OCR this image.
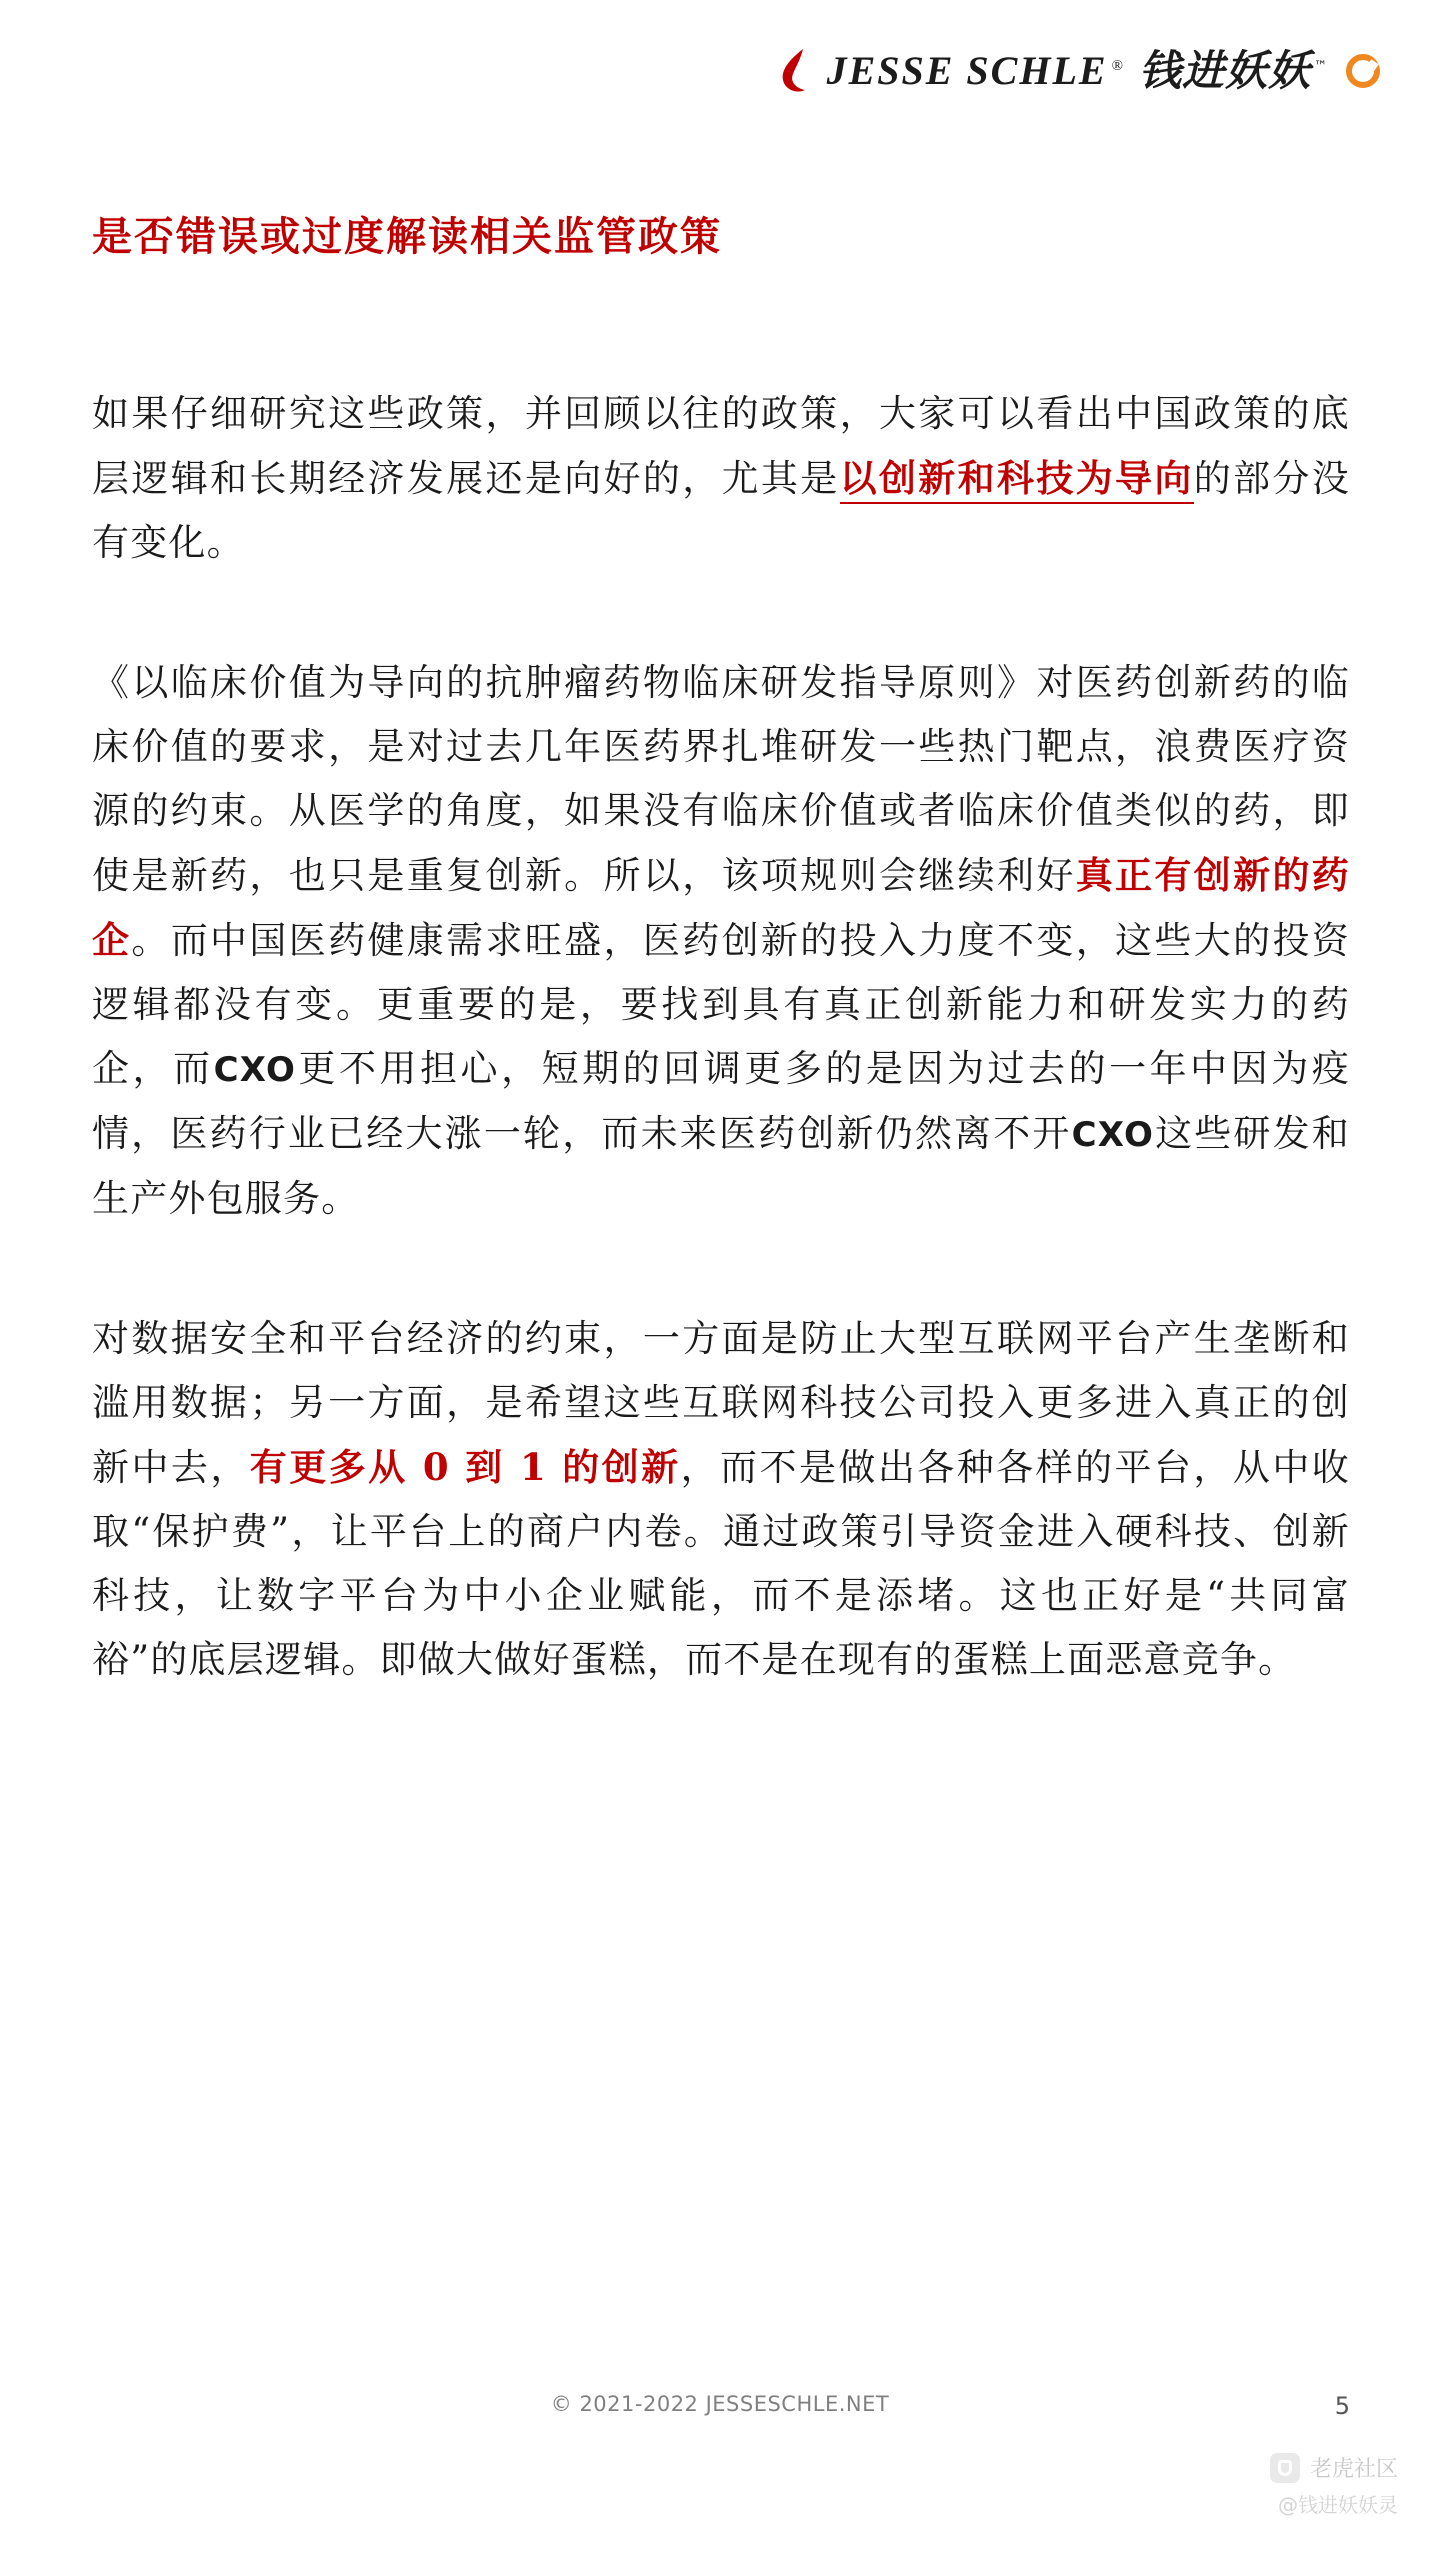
JESSE SCHLE ® 钱进妖妖 ™
是否错误或过度解读相关监管政策

如果仔细研究这些政策，并回顾以往的政策，大家可以看出中国政策的底层逻辑和长期经济发展还是向好的，尤其是以创新和科技为导向的部分没有变化。

《以临床价值为导向的抗肿瘤药物临床研发指导原则》对医药创新药的临床价值的要求，是对过去几年医药界扎堆研发一些热门靶点，浪费医疗资源的约束。从医学的角度，如果没有临床价值或者临床价值类似的药，即使是新药，也只是重复创新。所以，该项规则会继续利好真正有创新的药企。而中国医药健康需求旺盛，医药创新的投入力度不变，这些大的投资逻辑都没有变。更重要的是，要找到具有真正创新能力和研发实力的药企，而CXO更不用担心，短期的回调更多的是因为过去的一年中因为疫情，医药行业已经大涨一轮，而未来医药创新仍然离不开CXO这些研发和生产外包服务。

对数据安全和平台经济的约束，一方面是防止大型互联网平台产生垄断和滥用数据；另一方面，是希望这些互联网科技公司投入更多进入真正的创新中去，有更多从 0 到 1 的创新，而不是做出各种各样的平台，从中收取“保护费”，让平台上的商户内卷。通过政策引导资金进入硬科技、创新科技，让数字平台为中小企业赋能，而不是添堵。这也正好是“共同富裕”的底层逻辑。即做大做好蛋糕，而不是在现有的蛋糕上面恶意竞争。

© 2021-2022 JESSESCHLE.NET	5
老虎社区
@钱进妖妖灵
